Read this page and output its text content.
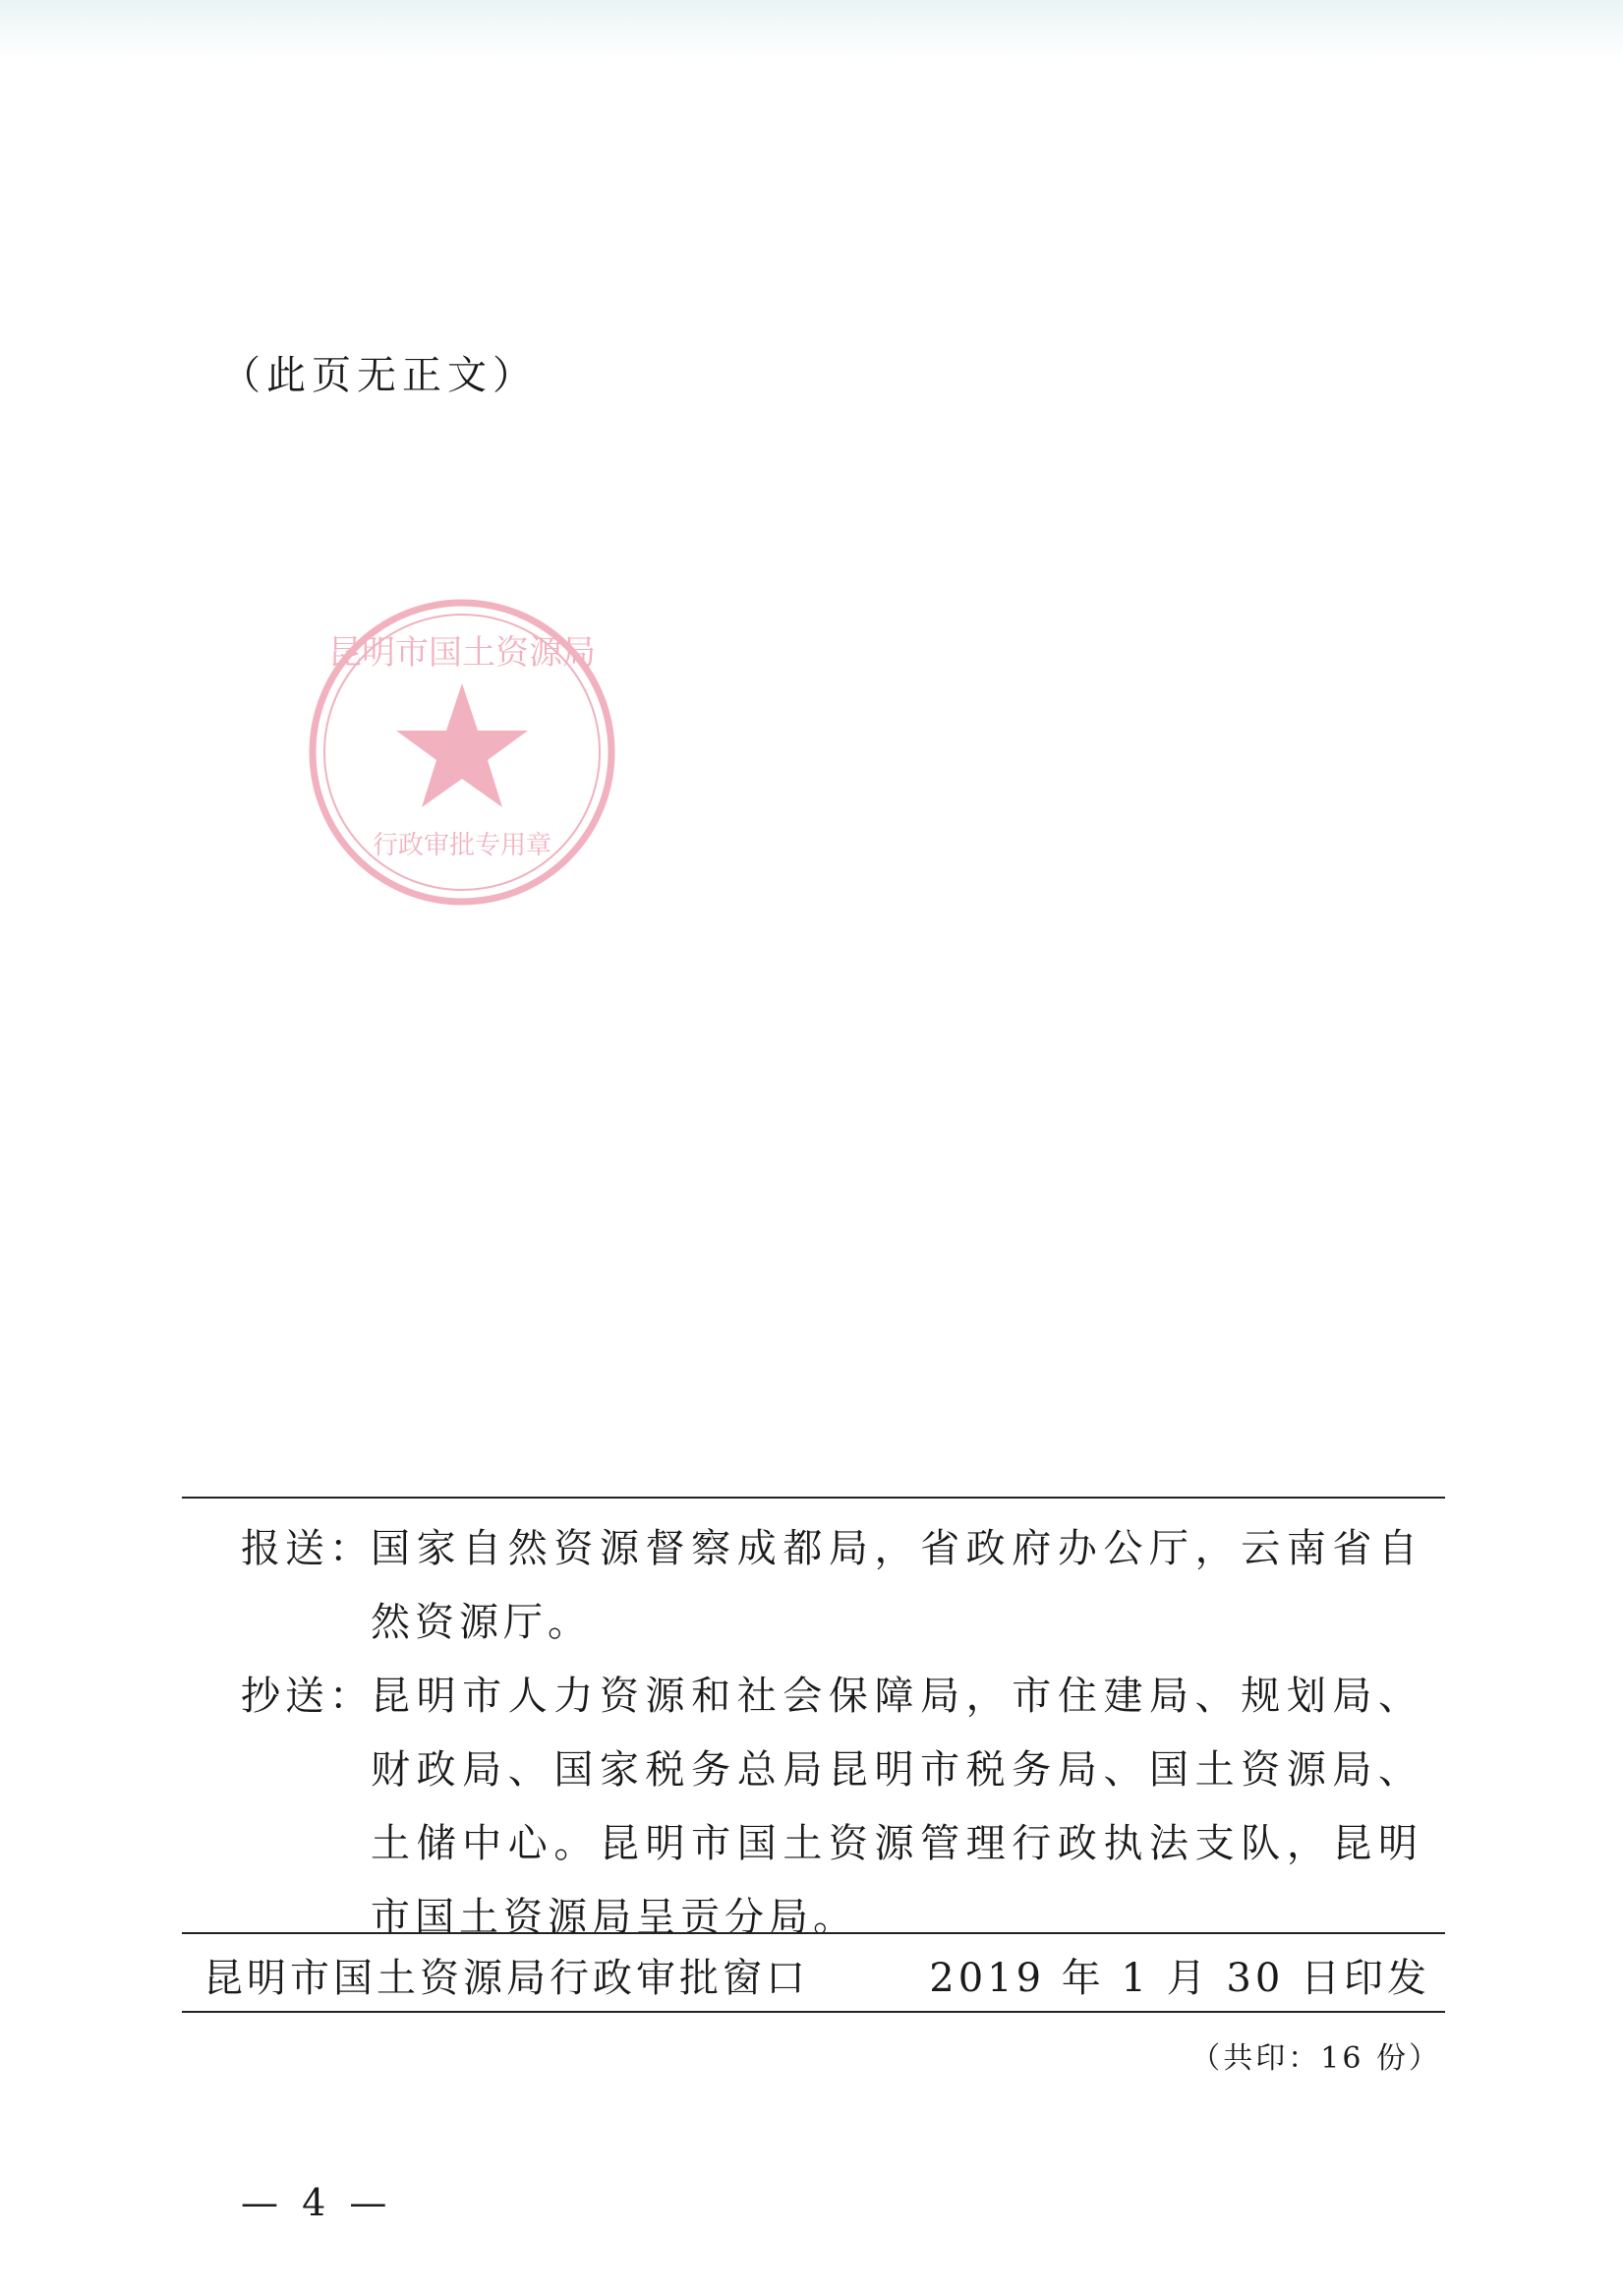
（此页无正文）
昆明市国土资源局
行政审批专用章
报送：
国家自然资源督察成都局，省政府办公厅，云南省自然资源厅。
抄送：
昆明市人力资源和社会保障局，市住建局、规划局、财政局、国家税务总局昆明市税务局、国土资源局、土储中心。昆明市国土资源管理行政执法支队，昆明市国土资源局呈贡分局。
昆明市国土资源局行政审批窗口	2019 年 1 月 30 日印发
（共印：16 份）
— 4 —
